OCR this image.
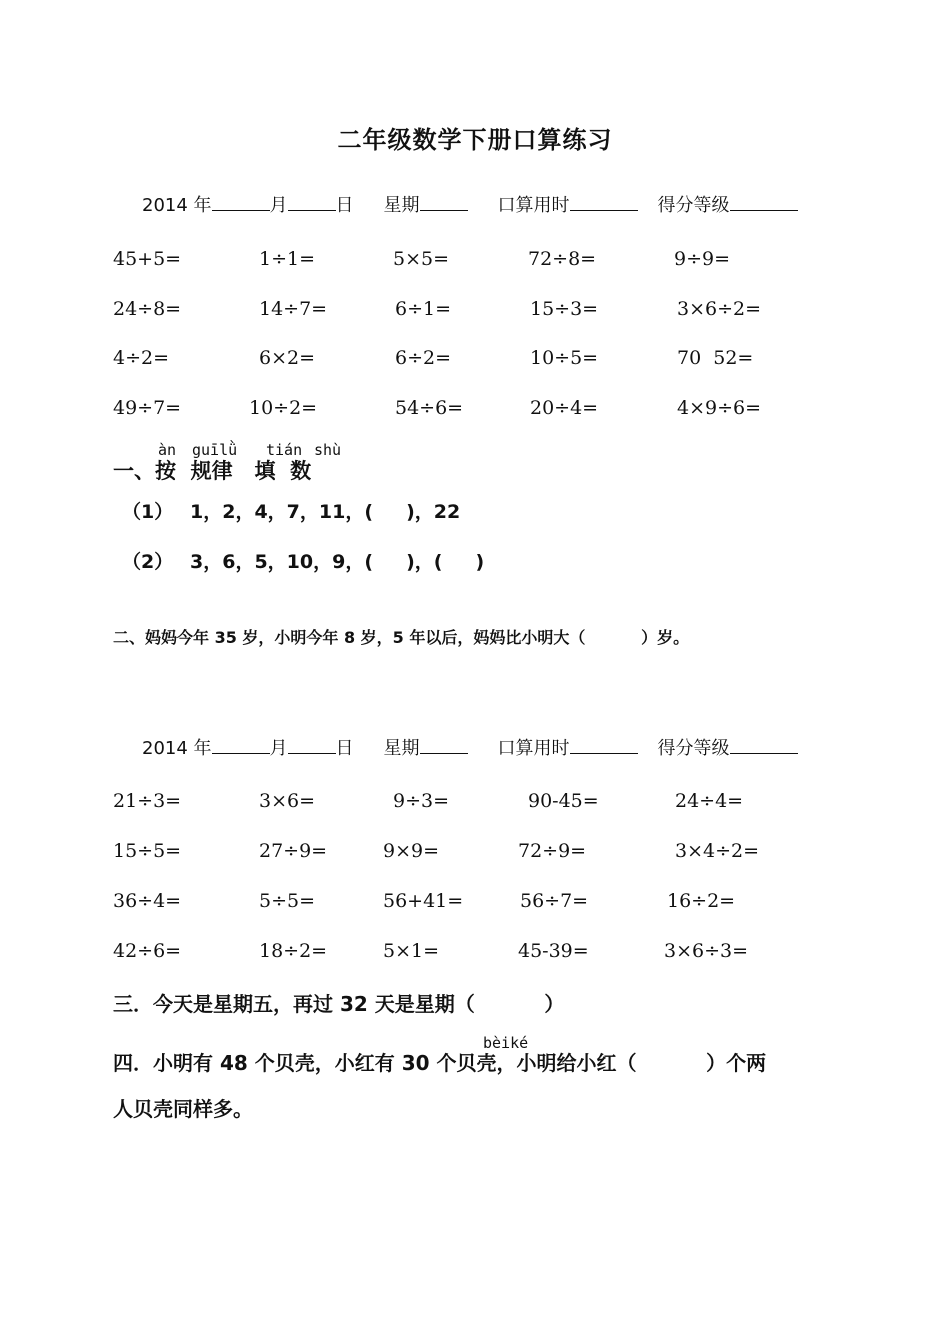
二年级数学下册口算练习
2014 年	月	日 星期	口算用时	得分等级
45+5=	1÷1=	5×5=	72÷8=	9÷9=
24÷8=	14÷7=	6÷1=	15÷3=	3×6÷2=
4÷2=	6×2=	6÷2=	10÷5=	70  52=
49÷7=	10÷2=	54÷6=	20÷4=	4×9÷6=
àn guīlǜ tián shù
一、按  规律   填  数
（1） 1，2，4，7，11，(     )，22
（2） 3，6，5，10，9，(     )，(     )
二、妈妈今年 35 岁，小明今年 8 岁，5 年以后，妈妈比小明大（          ）岁。
2014 年	月	日 星期	口算用时	得分等级
21÷3=	3×6=	9÷3=	90-45=	24÷4=
15÷5=	27÷9=	9×9=	72÷9=	3×4÷2=
36÷4=	5÷5=	56+41=	56÷7=	16÷2=
42÷6=	18÷2=	5×1=	45-39=	3×6÷3=
三．今天是星期五，再过 32 天是星期（          ）
bèiké
四．小明有 48 个贝壳，小红有 30 个贝壳，小明给小红（          ）个两
人贝壳同样多。
